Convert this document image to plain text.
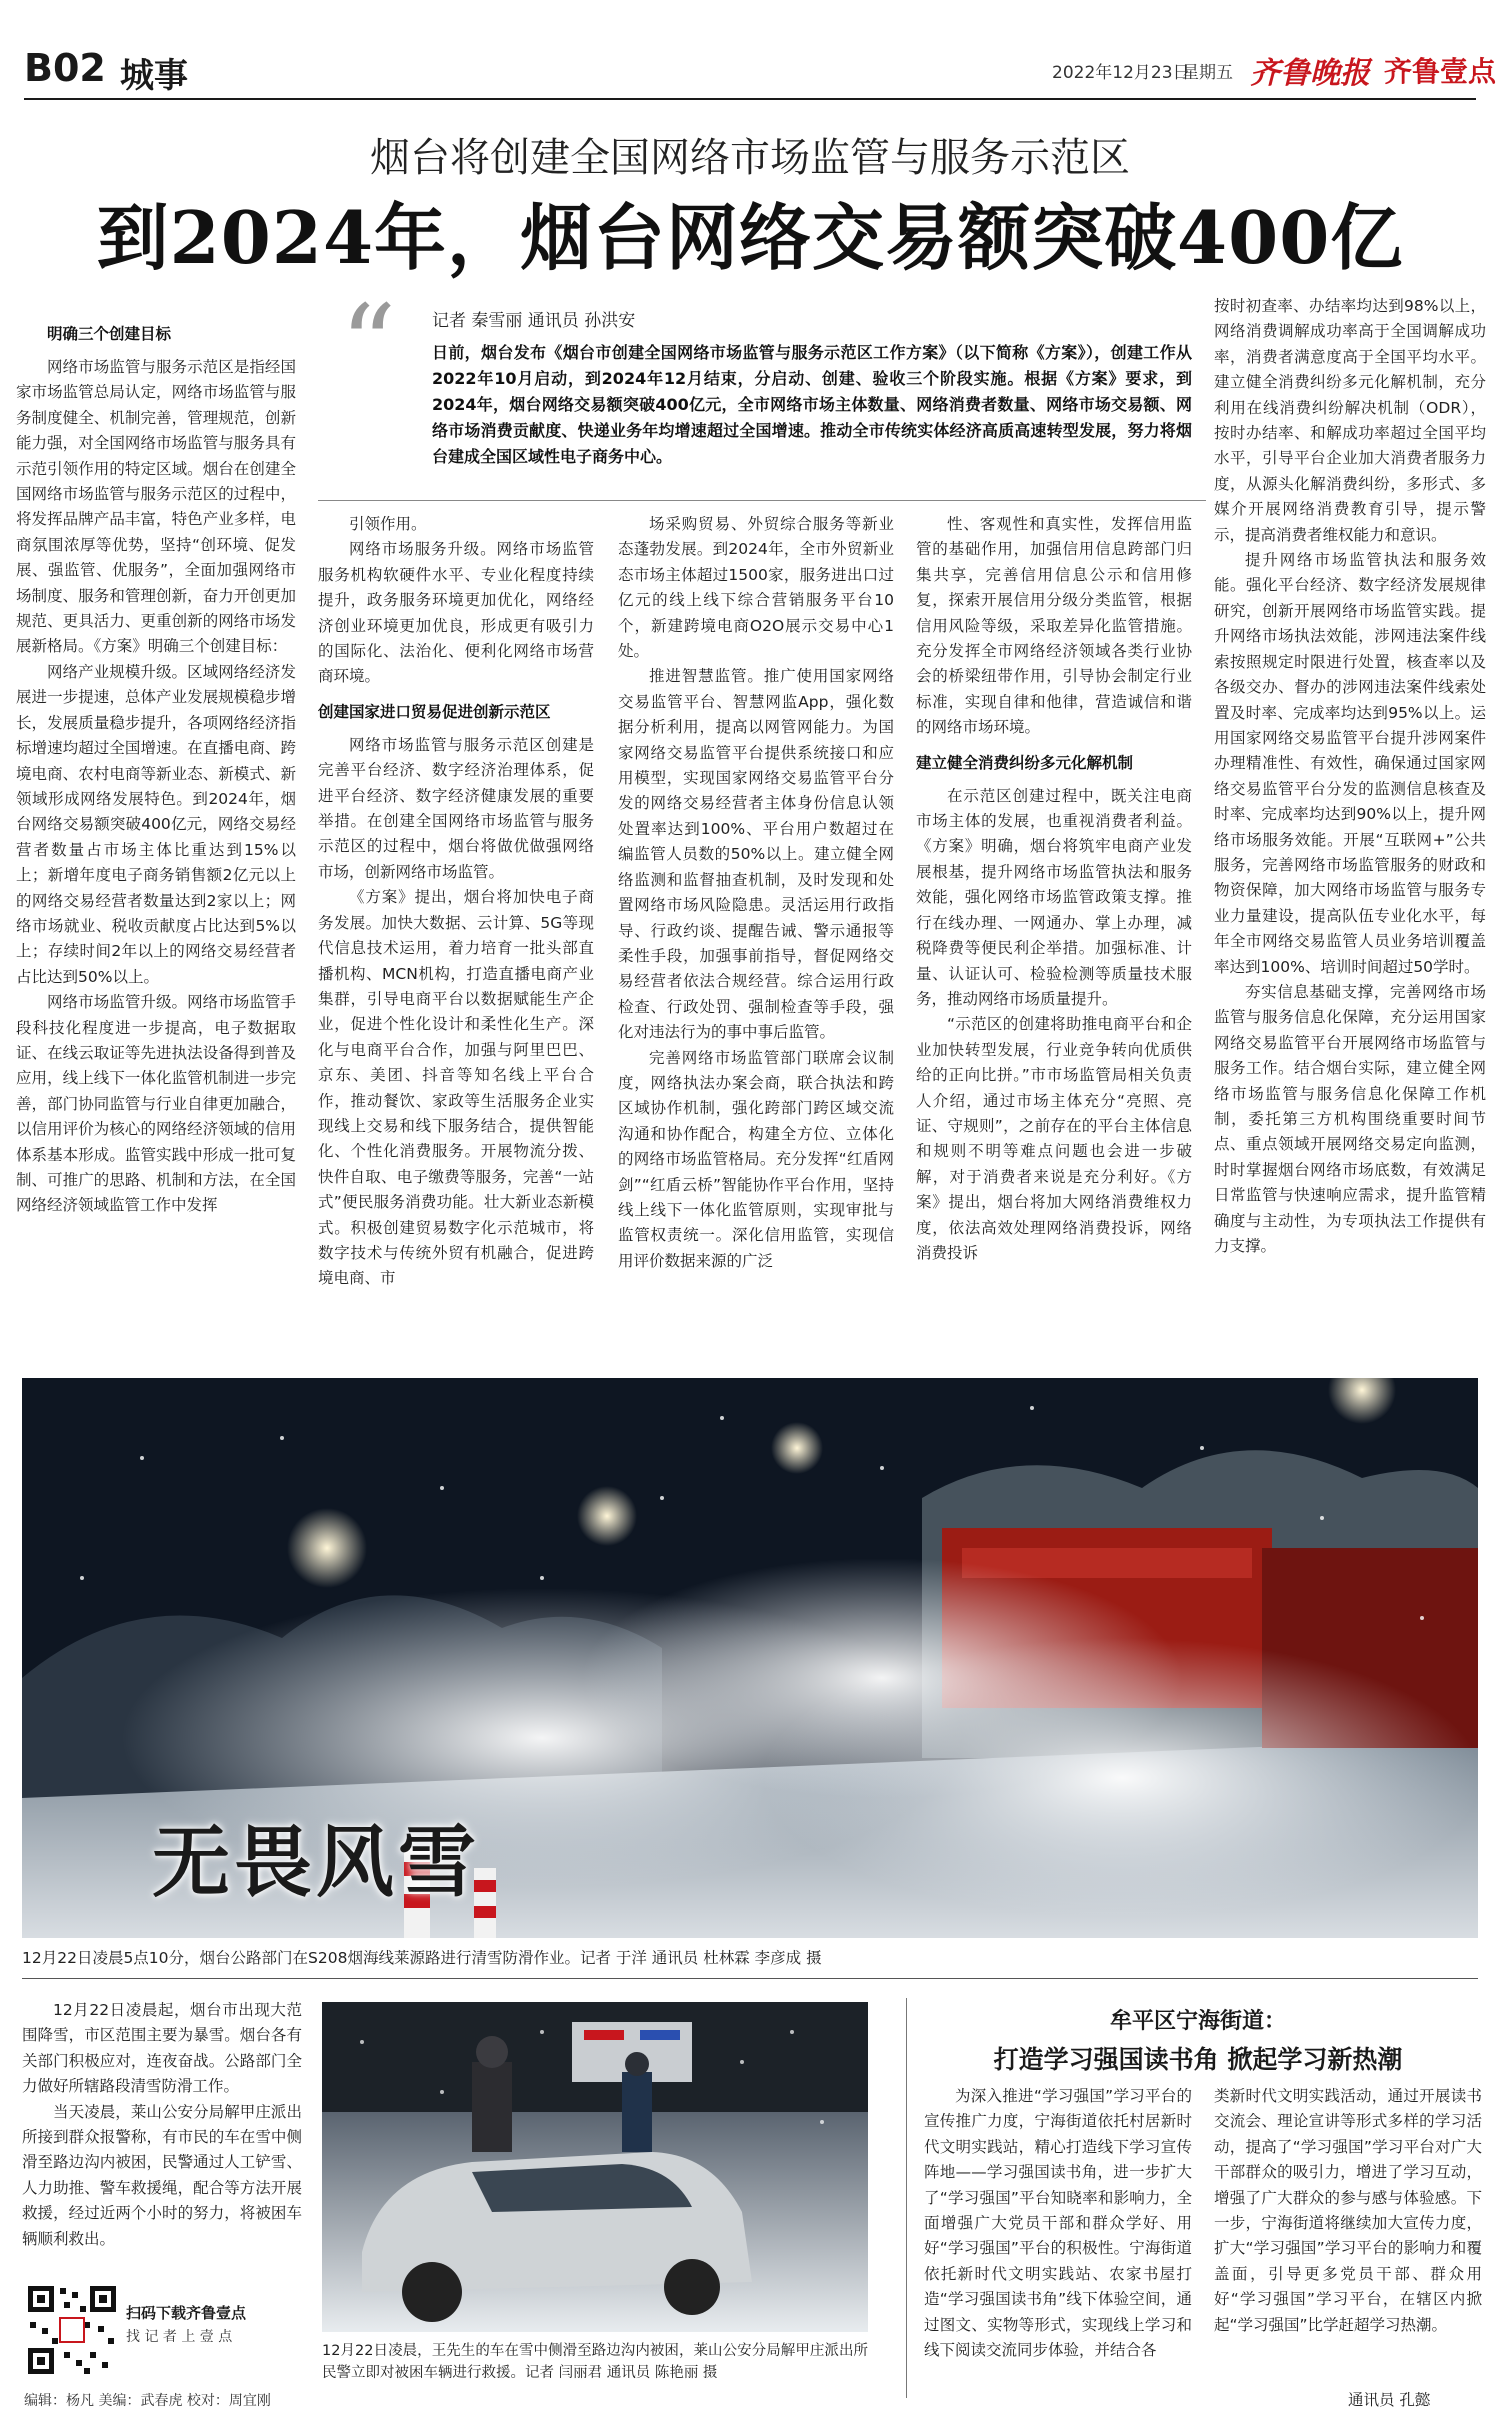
B02 城事	2022年12月23日
星期五 齐鲁晚报 齐鲁壹点
烟台将创建全国网络市场监管与服务示范区
到2024年，烟台网络交易额突破400亿
“ 记者 秦雪丽 通讯员 孙洪安
日前，烟台发布《烟台市创建全国网络市场监管与服务示范区工作方案》（以下简称《方案》），创建工作从2022年10月启动，到2024年12月结束，分启动、创建、验收三个阶段实施。根据《方案》要求，到2024年，烟台网络交易额突破400亿元，全市网络市场主体数量、网络消费者数量、网络市场交易额、网络市场消费贡献度、快递业务年均增速超过全国增速。推动全市传统实体经济高质高速转型发展，努力将烟台建成全国区域性电子商务中心。
明确三个创建目标

网络市场监管与服务示范区是指经国家市场监管总局认定，网络市场监管与服务制度健全、机制完善，管理规范，创新能力强，对全国网络市场监管与服务具有示范引领作用的特定区域。烟台在创建全国网络市场监管与服务示范区的过程中，将发挥品牌产品丰富，特色产业多样，电商氛围浓厚等优势，坚持“创环境、促发展、强监管、优服务”，全面加强网络市场制度、服务和管理创新，奋力开创更加规范、更具活力、更重创新的网络市场发展新格局。《方案》明确三个创建目标：

网络产业规模升级。区域网络经济发展进一步提速，总体产业发展规模稳步增长，发展质量稳步提升，各项网络经济指标增速均超过全国增速。在直播电商、跨境电商、农村电商等新业态、新模式、新领域形成网络发展特色。到2024年，烟台网络交易额突破400亿元，网络交易经营者数量占市场主体比重达到15%以上；新增年度电子商务销售额2亿元以上的网络交易经营者数量达到2家以上；网络市场就业、税收贡献度占比达到5%以上；存续时间2年以上的网络交易经营者占比达到50%以上。

网络市场监管升级。网络市场监管手段科技化程度进一步提高，电子数据取证、在线云取证等先进执法设备得到普及应用，线上线下一体化监管机制进一步完善，部门协同监管与行业自律更加融合，以信用评价为核心的网络经济领域的信用体系基本形成。监管实践中形成一批可复制、可推广的思路、机制和方法，在全国网络经济领域监管工作中发挥

引领作用。

网络市场服务升级。网络市场监管服务机构软硬件水平、专业化程度持续提升，政务服务环境更加优化，网络经济创业环境更加优良，形成更有吸引力的国际化、法治化、便利化网络市场营商环境。

创建国家进口贸易促进创新示范区

网络市场监管与服务示范区创建是完善平台经济、数字经济治理体系，促进平台经济、数字经济健康发展的重要举措。在创建全国网络市场监管与服务示范区的过程中，烟台将做优做强网络市场，创新网络市场监管。

《方案》提出，烟台将加快电子商务发展。加快大数据、云计算、5G等现代信息技术运用，着力培育一批头部直播机构、MCN机构，打造直播电商产业集群，引导电商平台以数据赋能生产企业，促进个性化设计和柔性化生产。深化与电商平台合作，加强与阿里巴巴、京东、美团、抖音等知名线上平台合作，推动餐饮、家政等生活服务企业实现线上交易和线下服务结合，提供智能化、个性化消费服务。开展物流分拨、快件自取、电子缴费等服务，完善“一站式”便民服务消费功能。壮大新业态新模式。积极创建贸易数字化示范城市，将数字技术与传统外贸有机融合，促进跨境电商、市

场采购贸易、外贸综合服务等新业态蓬勃发展。到2024年，全市外贸新业态市场主体超过1500家，服务进出口过亿元的线上线下综合营销服务平台10个，新建跨境电商O2O展示交易中心1处。

推进智慧监管。推广使用国家网络交易监管平台、智慧网监App，强化数据分析利用，提高以网管网能力。为国家网络交易监管平台提供系统接口和应用模型，实现国家网络交易监管平台分发的网络交易经营者主体身份信息认领处置率达到100%、平台用户数超过在编监管人员数的50%以上。建立健全网络监测和监督抽查机制，及时发现和处置网络市场风险隐患。灵活运用行政指导、行政约谈、提醒告诫、警示通报等柔性手段，加强事前指导，督促网络交易经营者依法合规经营。综合运用行政检查、行政处罚、强制检查等手段，强化对违法行为的事中事后监管。

完善网络市场监管部门联席会议制度，网络执法办案会商，联合执法和跨区域协作机制，强化跨部门跨区域交流沟通和协作配合，构建全方位、立体化的网络市场监管格局。充分发挥“红盾网剑”“红盾云桥”智能协作平台作用，坚持线上线下一体化监管原则，实现审批与监管权责统一。深化信用监管，实现信用评价数据来源的广泛

性、客观性和真实性，发挥信用监管的基础作用，加强信用信息跨部门归集共享，完善信用信息公示和信用修复，探索开展信用分级分类监管，根据信用风险等级，采取差异化监管措施。充分发挥全市网络经济领域各类行业协会的桥梁纽带作用，引导协会制定行业标准，实现自律和他律，营造诚信和谐的网络市场环境。

建立健全消费纠纷多元化解机制

在示范区创建过程中，既关注电商市场主体的发展，也重视消费者利益。《方案》明确，烟台将筑牢电商产业发展根基，提升网络市场监管执法和服务效能，强化网络市场监管政策支撑。推行在线办理、一网通办、掌上办理，减税降费等便民利企举措。加强标准、计量、认证认可、检验检测等质量技术服务，推动网络市场质量提升。

“示范区的创建将助推电商平台和企业加快转型发展，行业竞争转向优质供给的正向比拼。”市市场监管局相关负责人介绍，通过市场主体充分“亮照、亮证、守规则”，之前存在的平台主体信息和规则不明等难点问题也会进一步破解，对于消费者来说是充分利好。《方案》提出，烟台将加大网络消费维权力度，依法高效处理网络消费投诉，网络消费投诉

按时初查率、办结率均达到98%以上，网络消费调解成功率高于全国调解成功率，消费者满意度高于全国平均水平。建立健全消费纠纷多元化解机制，充分利用在线消费纠纷解决机制（ODR），按时办结率、和解成功率超过全国平均水平，引导平台企业加大消费者服务力度，从源头化解消费纠纷，多形式、多媒介开展网络消费教育引导，提示警示，提高消费者维权能力和意识。

提升网络市场监管执法和服务效能。强化平台经济、数字经济发展规律研究，创新开展网络市场监管实践。提升网络市场执法效能，涉网违法案件线索按照规定时限进行处置，核查率以及各级交办、督办的涉网违法案件线索处置及时率、完成率均达到95%以上。运用国家网络交易监管平台提升涉网案件办理精准性、有效性，确保通过国家网络交易监管平台分发的监测信息核查及时率、完成率均达到90%以上，提升网络市场服务效能。开展“互联网+”公共服务，完善网络市场监管服务的财政和物资保障，加大网络市场监管与服务专业力量建设，提高队伍专业化水平，每年全市网络交易监管人员业务培训覆盖率达到100%、培训时间超过50学时。

夯实信息基础支撑，完善网络市场监管与服务信息化保障，充分运用国家网络交易监管平台开展网络市场监管与服务工作。结合烟台实际，建立健全网络市场监管与服务信息化保障工作机制，委托第三方机构围绕重要时间节点、重点领域开展网络交易定向监测，时时掌握烟台网络市场底数，有效满足日常监管与快速响应需求，提升监管精确度与主动性，为专项执法工作提供有力支撑。

无畏风雪
12月22日凌晨5点10分，烟台公路部门在S208烟海线莱源路进行清雪防滑作业。记者 于洋 通讯员 杜林霖 李彦成 摄

12月22日凌晨起，烟台市出现大范围降雪，市区范围主要为暴雪。烟台各有关部门积极应对，连夜奋战。公路部门全力做好所辖路段清雪防滑工作。

当天凌晨，莱山公安分局解甲庄派出所接到群众报警称，有市民的车在雪中侧滑至路边沟内被困，民警通过人工铲雪、人力助推、警车救援绳，配合等方法开展救援，经过近两个小时的努力，将被困车辆顺利救出。

扫码下载齐鲁壹点
找 记 者 上 壹 点
编辑：杨凡 美编：武春虎 校对：周宜刚
12月22日凌晨，王先生的车在雪中侧滑至路边沟内被困，莱山公安分局解甲庄派出所民警立即对被困车辆进行救援。记者 闫丽君 通讯员 陈艳丽 摄
牟平区宁海街道：
打造学习强国读书角 掀起学习新热潮

为深入推进“学习强国”学习平台的宣传推广力度，宁海街道依托村居新时代文明实践站，精心打造线下学习宣传阵地——学习强国读书角，进一步扩大了“学习强国”平台知晓率和影响力，全面增强广大党员干部和群众学好、用好“学习强国”平台的积极性。宁海街道依托新时代文明实践站、农家书屋打造“学习强国读书角”线下体验空间，通过图文、实物等形式，实现线上学习和线下阅读交流同步体验，并结合各

类新时代文明实践活动，通过开展读书交流会、理论宣讲等形式多样的学习活动，提高了“学习强国”学习平台对广大干部群众的吸引力，增进了学习互动，增强了广大群众的参与感与体验感。下一步，宁海街道将继续加大宣传力度，扩大“学习强国”学习平台的影响力和覆盖面，引导更多党员干部、群众用好“学习强国”学习平台，在辖区内掀起“学习强国”比学赶超学习热潮。

通讯员 孔懿
